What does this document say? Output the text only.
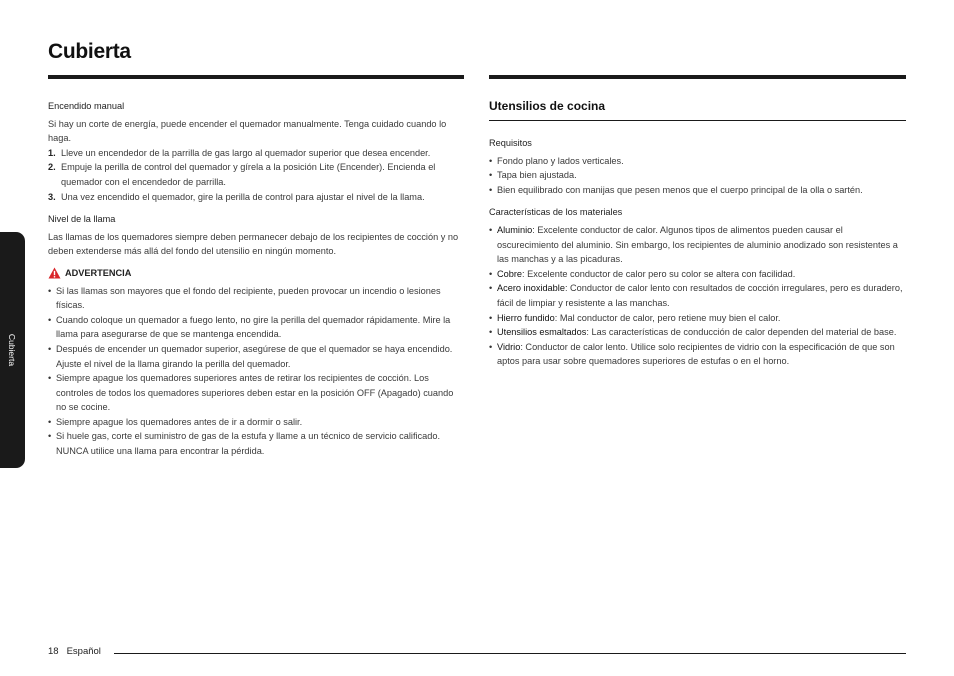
Cubierta
Cubierta

Encendido manual

Si hay un corte de energía, puede encender el quemador manualmente. Tenga cuidado cuando lo haga.

1. Lleve un encendedor de la parrilla de gas largo al quemador superior que desea encender.
2. Empuje la perilla de control del quemador y gírela a la posición Lite (Encender). Encienda el quemador con el encendedor de parrilla.
3. Una vez encendido el quemador, gire la perilla de control para ajustar el nivel de la llama.

Nivel de la llama

Las llamas de los quemadores siempre deben permanecer debajo de los recipientes de cocción y no deben extenderse más allá del fondo del utensilio en ningún momento.

ADVERTENCIA
• Si las llamas son mayores que el fondo del recipiente, pueden provocar un incendio o lesiones físicas.
• Cuando coloque un quemador a fuego lento, no gire la perilla del quemador rápidamente. Mire la llama para asegurarse de que se mantenga encendida.
• Después de encender un quemador superior, asegúrese de que el quemador se haya encendido. Ajuste el nivel de la llama girando la perilla del quemador.
• Siempre apague los quemadores superiores antes de retirar los recipientes de cocción. Los controles de todos los quemadores superiores deben estar en la posición OFF (Apagado) cuando no se cocine.
• Siempre apague los quemadores antes de ir a dormir o salir.
• Si huele gas, corte el suministro de gas de la estufa y llame a un técnico de servicio calificado. NUNCA utilice una llama para encontrar la pérdida.

Utensilios de cocina

Requisitos

• Fondo plano y lados verticales.
• Tapa bien ajustada.
• Bien equilibrado con manijas que pesen menos que el cuerpo principal de la olla o sartén.

Características de los materiales

• Aluminio: Excelente conductor de calor. Algunos tipos de alimentos pueden causar el oscurecimiento del aluminio. Sin embargo, los recipientes de aluminio anodizado son resistentes a las manchas y a las picaduras.
• Cobre: Excelente conductor de calor pero su color se altera con facilidad.
• Acero inoxidable: Conductor de calor lento con resultados de cocción irregulares, pero es duradero, fácil de limpiar y resistente a las manchas.
• Hierro fundido: Mal conductor de calor, pero retiene muy bien el calor.
• Utensilios esmaltados: Las características de conducción de calor dependen del material de base.
• Vidrio: Conductor de calor lento. Utilice solo recipientes de vidrio con la especificación de que son aptos para usar sobre quemadores superiores de estufas o en el horno.
18 Español
